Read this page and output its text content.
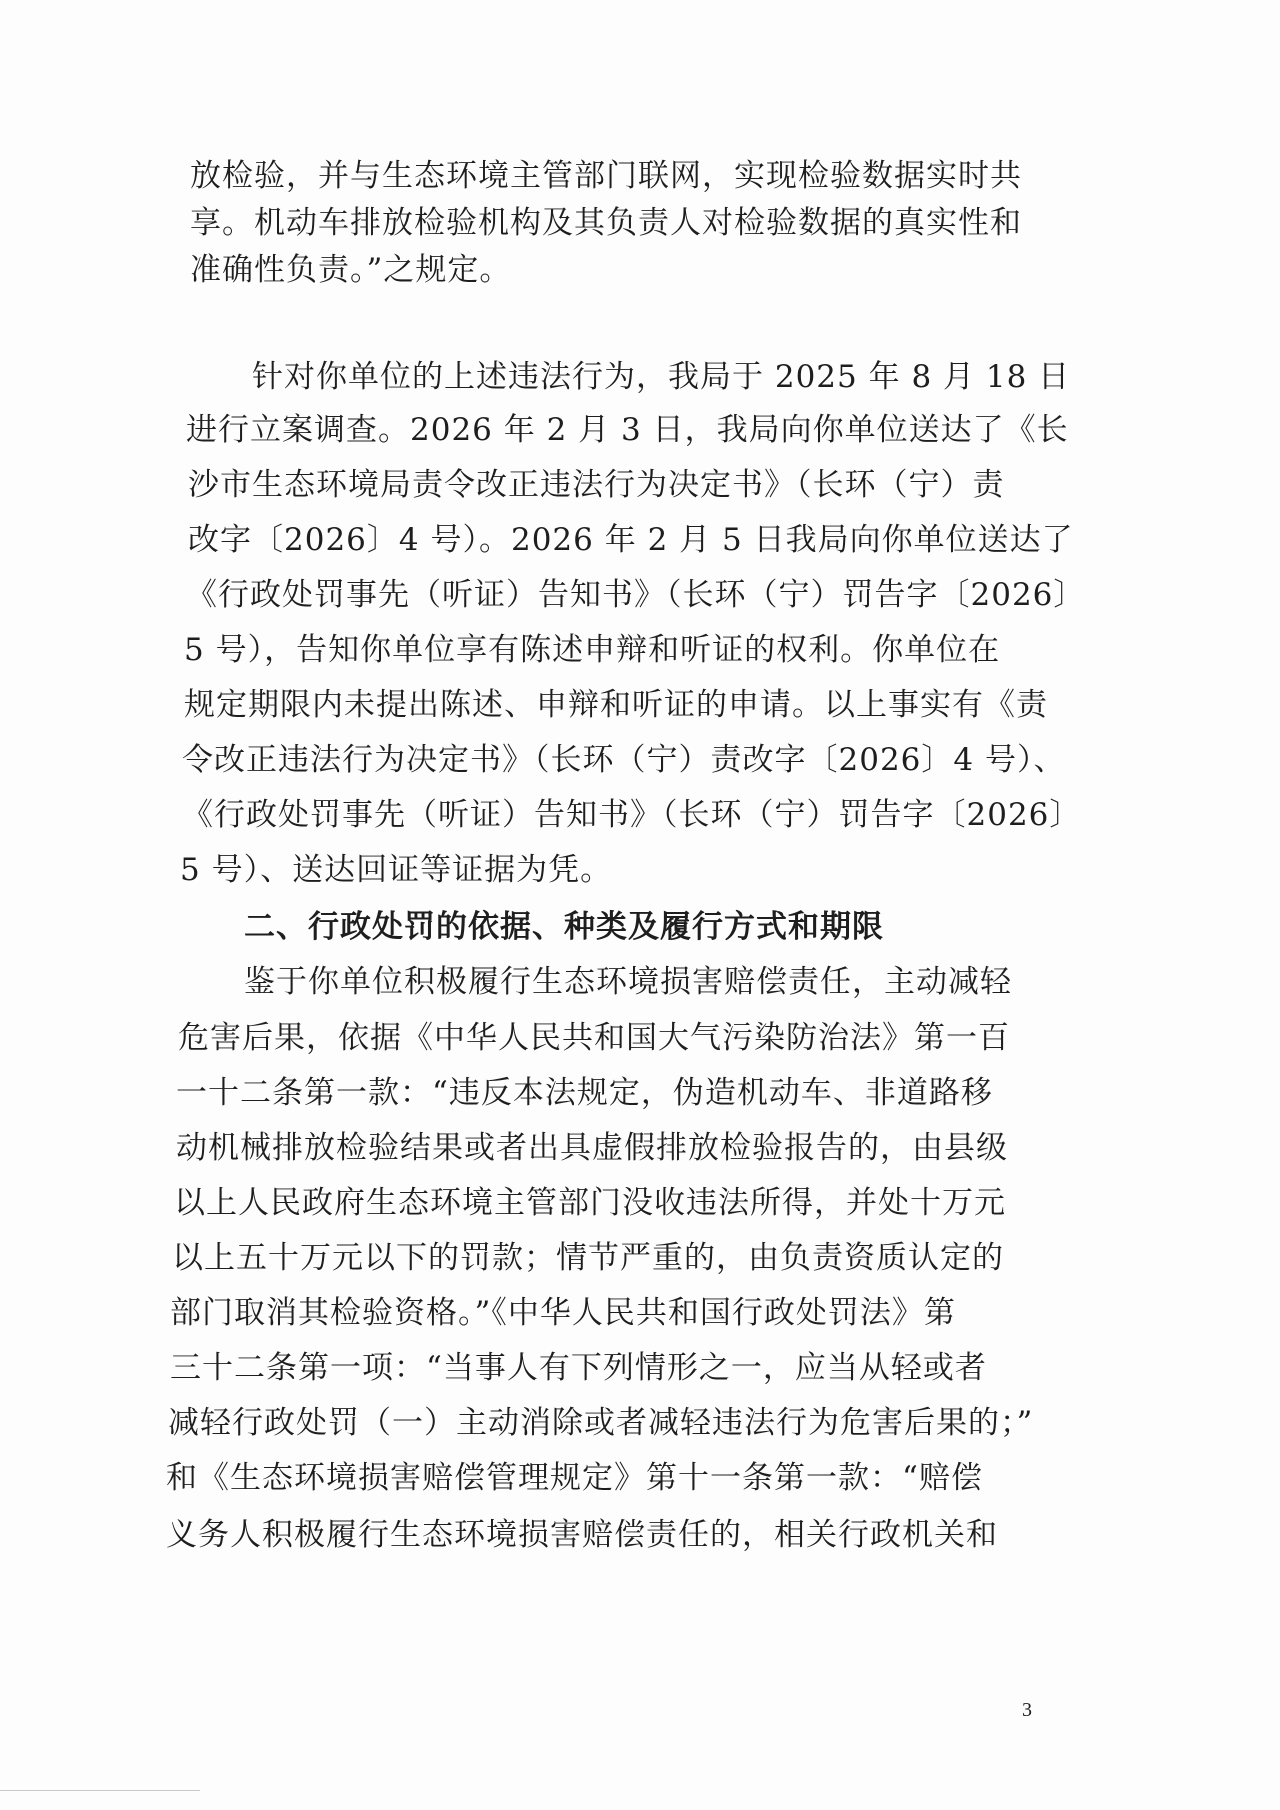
放检验，并与生态环境主管部门联网，实现检验数据实时共
享。机动车排放检验机构及其负责人对检验数据的真实性和
准确性负责。”之规定。
针对你单位的上述违法行为，我局于 2025 年 8 月 18 日
进行立案调查。2026 年 2 月 3 日，我局向你单位送达了《长
沙市生态环境局责令改正违法行为决定书》（长环（宁）责
改字〔2026〕4 号）。2026 年 2 月 5 日我局向你单位送达了
《行政处罚事先（听证）告知书》（长环（宁）罚告字〔2026〕
5 号），告知你单位享有陈述申辩和听证的权利。你单位在
规定期限内未提出陈述、申辩和听证的申请。以上事实有《责
令改正违法行为决定书》（长环（宁）责改字〔2026〕4 号）、
《行政处罚事先（听证）告知书》（长环（宁）罚告字〔2026〕
5 号）、送达回证等证据为凭。
二、行政处罚的依据、种类及履行方式和期限
鉴于你单位积极履行生态环境损害赔偿责任，主动减轻
危害后果，依据《中华人民共和国大气污染防治法》第一百
一十二条第一款：“违反本法规定，伪造机动车、非道路移
动机械排放检验结果或者出具虚假排放检验报告的，由县级
以上人民政府生态环境主管部门没收违法所得，并处十万元
以上五十万元以下的罚款；情节严重的，由负责资质认定的
部门取消其检验资格。”《中华人民共和国行政处罚法》第
三十二条第一项：“当事人有下列情形之一，应当从轻或者
减轻行政处罚（一）主动消除或者减轻违法行为危害后果的；”
和《生态环境损害赔偿管理规定》第十一条第一款：“赔偿
义务人积极履行生态环境损害赔偿责任的，相关行政机关和
3
